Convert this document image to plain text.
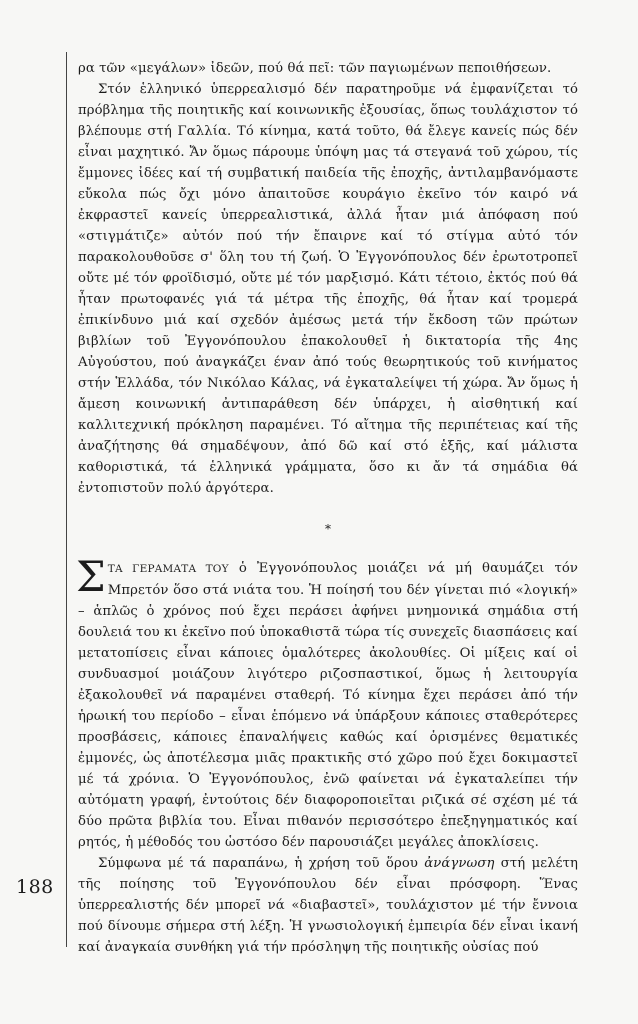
188

ρα τῶν «μεγάλων» ἰδεῶν, πού θά πεῖ: τῶν παγιωμένων πεποιθήσεων.

Στόν ἑλληνικό ὑπερρεαλισμό δέν παρατηροῦμε νά ἐμφανίζεται τό πρόβλημα τῆς ποιητικῆς καί κοινωνικῆς ἐξουσίας, ὅπως τουλάχιστον τό βλέπουμε στή Γαλλία. Τό κίνημα, κατά τοῦτο, θά ἔλεγε κανείς πώς δέν εἶναι μαχητικό. Ἄν ὅμως πάρουμε ὑπόψη μας τά στεγανά τοῦ χώρου, τίς ἔμμονες ἰδέες καί τή συμβατική παιδεία τῆς ἐποχῆς, ἀντιλαμβανόμαστε εὔκολα πώς ὄχι μόνο ἀπαιτοῦσε κουράγιο ἐκεῖνο τόν καιρό νά ἐκφραστεῖ κανείς ὑπερρεαλιστικά, ἀλλά ἦταν μιά ἀπόφαση πού «στιγμάτιζε» αὐτόν πού τήν ἔπαιρνε καί τό στίγμα αὐτό τόν παρακολουθοῦσε σ' ὅλη του τή ζωή. Ὁ Ἐγγονόπουλος δέν ἐρωτοτροπεῖ οὔτε μέ τόν φροϊδισμό, οὔτε μέ τόν μαρξισμό. Κάτι τέτοιο, ἐκτός πού θά ἦταν πρωτοφανές γιά τά μέτρα τῆς ἐποχῆς, θά ἦταν καί τρομερά ἐπικίνδυνο μιά καί σχεδόν ἀμέσως μετά τήν ἔκδοση τῶν πρώτων βιβλίων τοῦ Ἐγγονόπουλου ἐπακολουθεῖ ἡ δικτατορία τῆς 4ης Αὐγούστου, πού ἀναγκάζει έναν ἀπό τούς θεωρητικούς τοῦ κινήματος στήν Ἑλλάδα, τόν Νικόλαο Κάλας, νά ἐγκαταλείψει τή χώρα. Ἄν ὅμως ἡ ἄμεση κοινωνική ἀντιπαράθεση δέν ὑπάρχει, ἡ αἰσθητική καί καλλιτεχνική πρόκληση παραμένει. Τό αἴτημα τῆς περιπέτειας καί τῆς ἀναζήτησης θά σημαδέψουν, ἀπό δῶ καί στό ἑξῆς, καί μάλιστα καθοριστικά, τά ἑλληνικά γράμματα, ὅσο κι ἄν τά σημάδια θά ἐντοπιστοῦν πολύ ἀργότερα.

*

ΣΤΑ ΓΕΡΑΜΑΤΑ ΤΟΥ ὁ Ἐγγονόπουλος μοιάζει νά μή θαυμάζει τόν Μπρετόν ὅσο στά νιάτα του. Ἡ ποίησή του δέν γίνεται πιό «λογική» – ἁπλῶς ὁ χρόνος πού ἔχει περάσει ἀφήνει μνημονικά σημάδια στή δουλειά του κι ἐκεῖνο πού ὑποκαθιστᾶ τώρα τίς συνεχεῖς διασπάσεις καί μετατοπίσεις εἶναι κάποιες ὁμαλότερες ἀκολουθίες. Οἱ μίξεις καί οἱ συνδυασμοί μοιάζουν λιγότερο ριζοσπαστικοί, ὅμως ἡ λειτουργία ἐξακολουθεῖ νά παραμένει σταθερή. Τό κίνημα ἔχει περάσει ἀπό τήν ἡρωική του περίοδο – εἶναι ἑπόμενο νά ὑπάρξουν κάποιες σταθερότερες προσβάσεις, κάποιες ἐπαναλήψεις καθώς καί ὁρισμένες θεματικές ἐμμονές, ὡς ἀποτέλεσμα μιᾶς πρακτικῆς στό χῶρο πού ἔχει δοκιμαστεῖ μέ τά χρόνια. Ὁ Ἐγγονόπουλος, ἐνῶ φαίνεται νά ἐγκαταλείπει τήν αὐτόματη γραφή, ἐντούτοις δέν διαφοροποιεῖται ριζικά σέ σχέση μέ τά δύο πρῶτα βιβλία του. Εἶναι πιθανόν περισσότερο ἐπεξηγηματικός καί ρητός, ἡ μέθοδός του ὡστόσο δέν παρουσιάζει μεγάλες ἀποκλίσεις.

Σύμφωνα μέ τά παραπάνω, ἡ χρήση τοῦ ὅρου ἀνάγνωση στή μελέτη τῆς ποίησης τοῦ Ἐγγονόπουλου δέν εἶναι πρόσφορη. Ἕνας ὑπερρεαλιστής δέν μπορεῖ νά «διαβαστεῖ», τουλάχιστον μέ τήν ἔννοια πού δίνουμε σήμερα στή λέξη. Ἡ γνωσιολογική ἐμπειρία δέν εἶναι ἱκανή καί ἀναγκαία συνθήκη γιά τήν πρόσληψη τῆς ποιητικῆς οὐσίας πού
